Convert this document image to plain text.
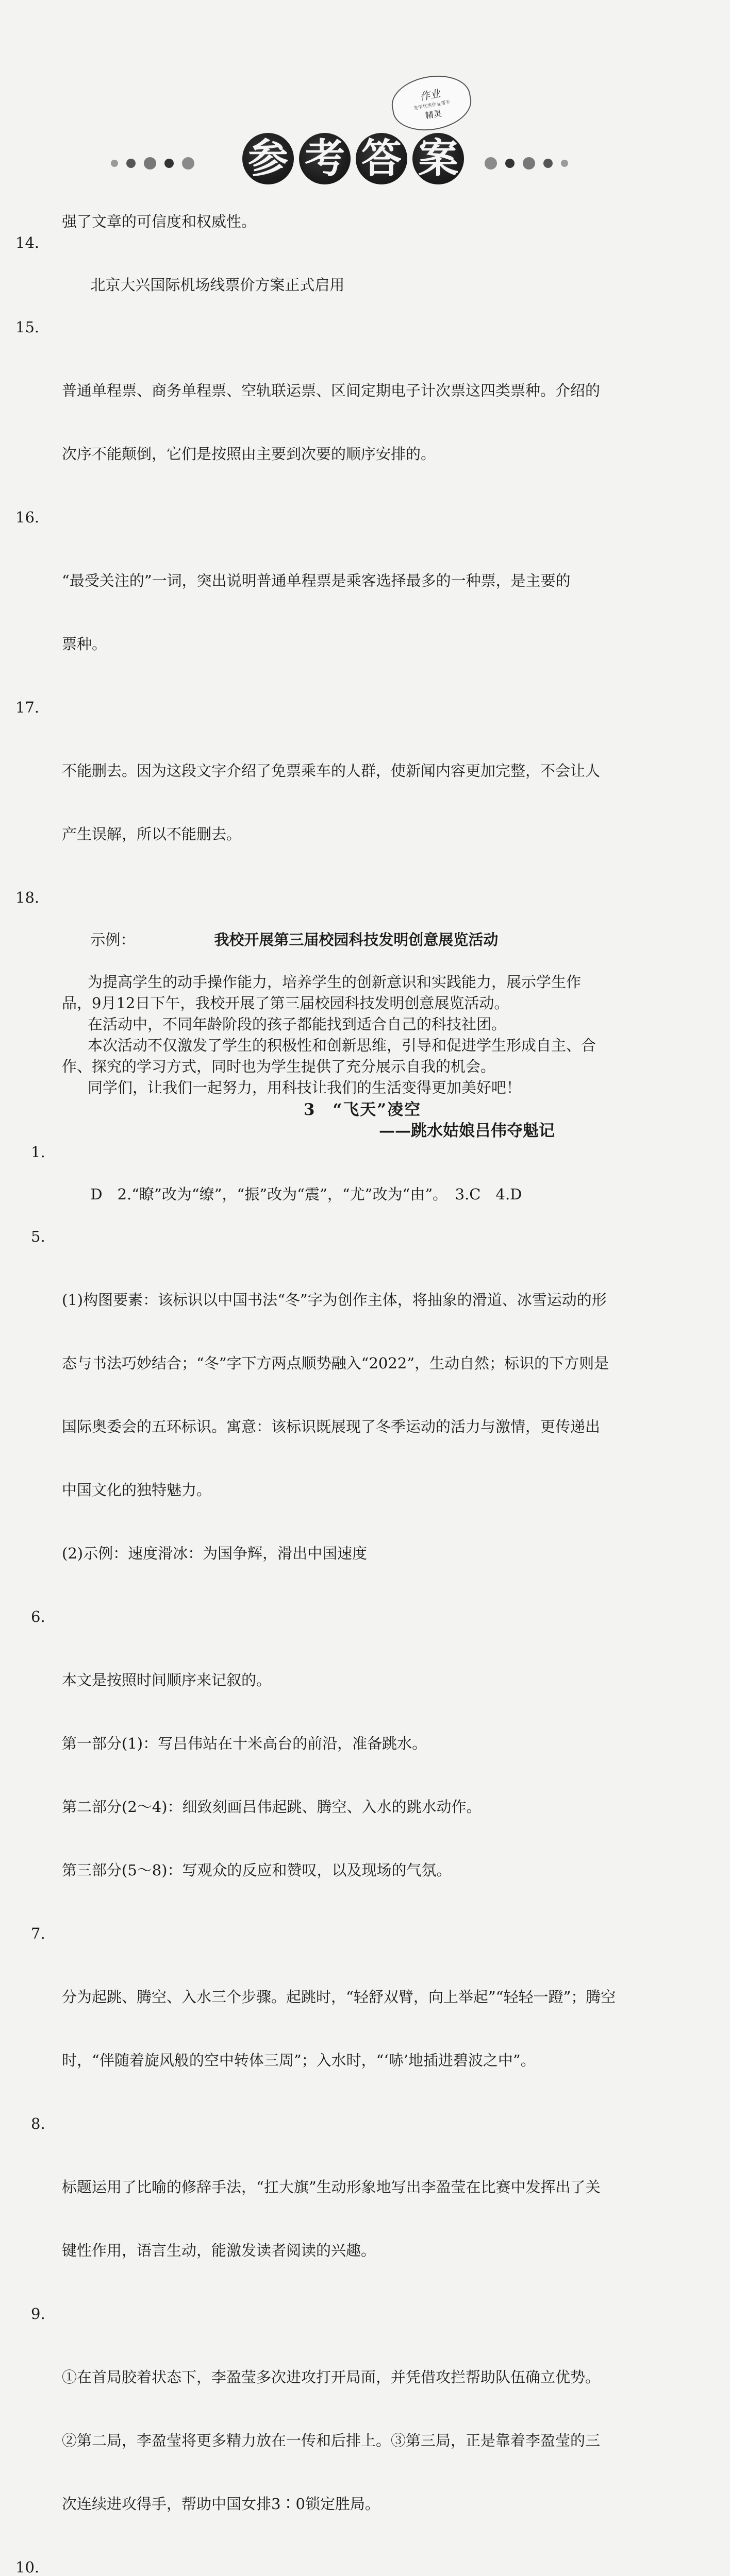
作业
先学优秀作业帮手
精灵
参 考 答 案

强了文章的可信度和权威性。

14.

北京大兴国际机场线票价方案正式启用

15.

普通单程票、商务单程票、空轨联运票、区间定期电子计次票这四类票种。介绍的

次序不能颠倒，它们是按照由主要到次要的顺序安排的。

16.

“最受关注的”一词，突出说明普通单程票是乘客选择最多的一种票，是主要的

票种。

17.

不能删去。因为这段文字介绍了免票乘车的人群，使新闻内容更加完整，不会让人

产生误解，所以不能删去。

18.

示例：	我校开展第三届校园科技发明创意展览活动

为提高学生的动手操作能力，培养学生的创新意识和实践能力，展示学生作

品，9月12日下午，我校开展了第三届校园科技发明创意展览活动。

在活动中，不同年龄阶段的孩子都能找到适合自己的科技社团。

本次活动不仅激发了学生的积极性和创新思维，引导和促进学生形成自主、合

作、探究的学习方式，同时也为学生提供了充分展示自我的机会。

同学们，让我们一起努力，用科技让我们的生活变得更加美好吧！

3　“飞天”凌空

——跳水姑娘吕伟夺魁记

1.

D　2.“瞭”改为“缭”，“振”改为“震”，“尤”改为“由”。　3.C　4.D

5.

(1)构图要素：该标识以中国书法“冬”字为创作主体，将抽象的滑道、冰雪运动的形

态与书法巧妙结合；“冬”字下方两点顺势融入“2022”，生动自然；标识的下方则是

国际奥委会的五环标识。寓意：该标识既展现了冬季运动的活力与激情，更传递出

中国文化的独特魅力。

(2)示例：速度滑冰：为国争辉，滑出中国速度

6.

本文是按照时间顺序来记叙的。

第一部分(1)：写吕伟站在十米高台的前沿，准备跳水。

第二部分(2～4)：细致刻画吕伟起跳、腾空、入水的跳水动作。

第三部分(5～8)：写观众的反应和赞叹，以及现场的气氛。

7.

分为起跳、腾空、入水三个步骤。起跳时，“轻舒双臂，向上举起”“轻轻一蹬”；腾空

时，“伴随着旋风般的空中转体三周”；入水时，“‘哧’地插进碧波之中”。

8.

标题运用了比喻的修辞手法，“扛大旗”生动形象地写出李盈莹在比赛中发挥出了关

键性作用，语言生动，能激发读者阅读的兴趣。

9.

①在首局胶着状态下，李盈莹多次进攻打开局面，并凭借攻拦帮助队伍确立优势。

②第二局，李盈莹将更多精力放在一传和后排上。③第三局，正是靠着李盈莹的三

次连续进攻得手，帮助中国女排3∶0锁定胜局。

10.
